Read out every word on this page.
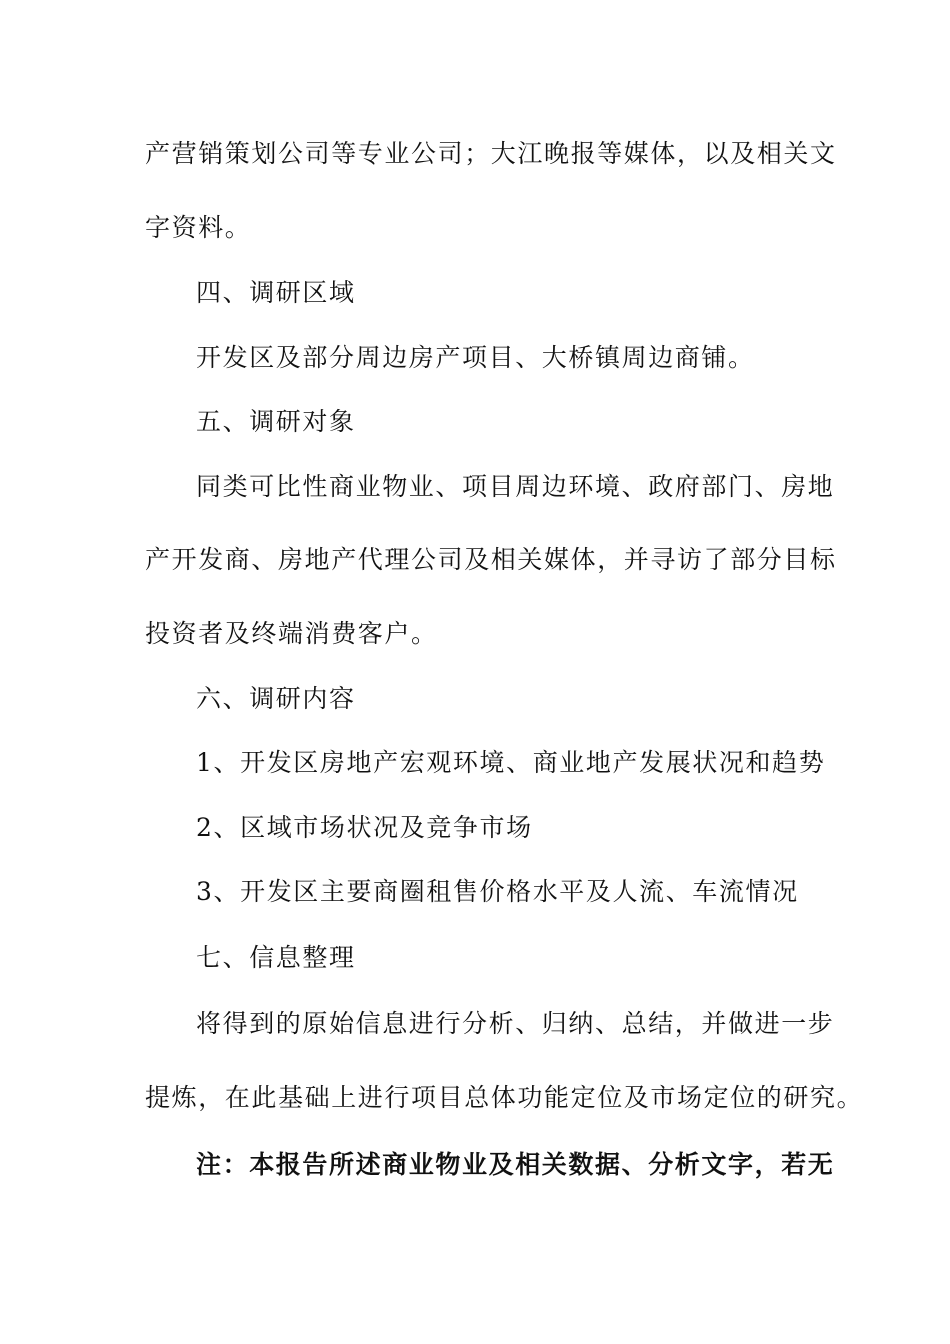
产营销策划公司等专业公司；大江晚报等媒体，以及相关文
字资料。
四、调研区域
开发区及部分周边房产项目、大桥镇周边商铺。
五、调研对象
同类可比性商业物业、项目周边环境、政府部门、房地
产开发商、房地产代理公司及相关媒体，并寻访了部分目标
投资者及终端消费客户。
六、调研内容
1、开发区房地产宏观环境、商业地产发展状况和趋势
2、区域市场状况及竞争市场
3、开发区主要商圈租售价格水平及人流、车流情况
七、信息整理
将得到的原始信息进行分析、归纳、总结，并做进一步
提炼，在此基础上进行项目总体功能定位及市场定位的研究。
注：本报告所述商业物业及相关数据、分析文字，若无
